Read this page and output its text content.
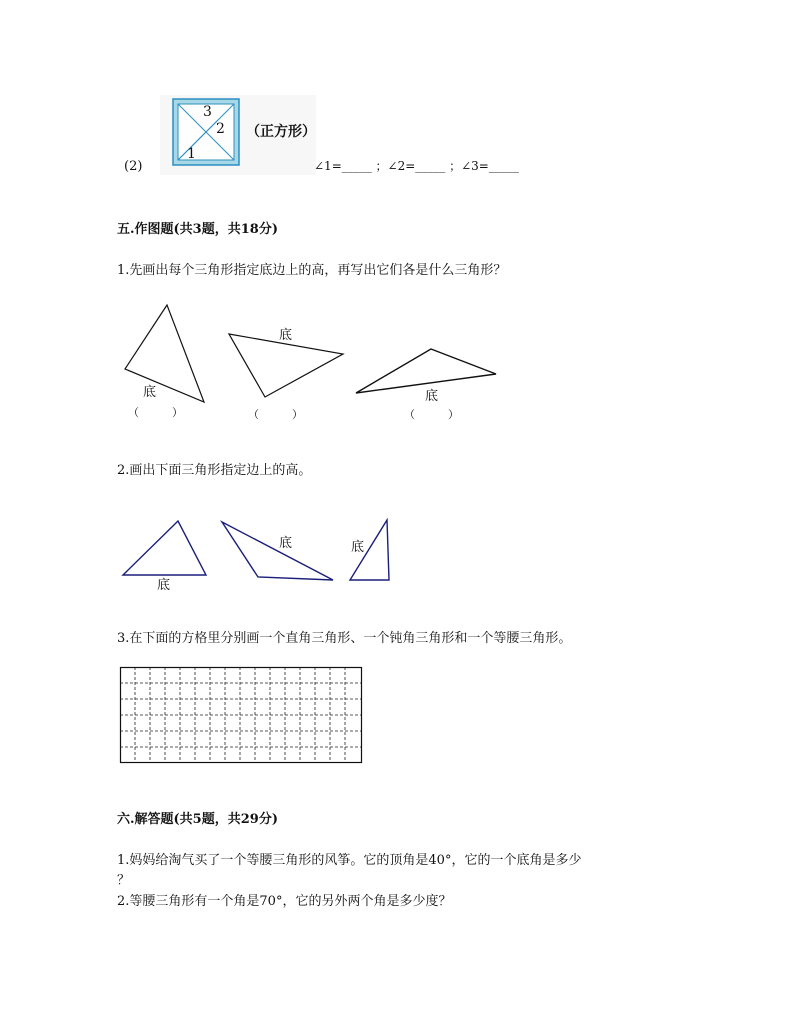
(2)
3
2
1
（正方形）
∠1=_____ ；∠2=_____ ；∠3=_____
五.作图题(共3题，共18分)
1.先画出每个三角形指定底边上的高，再写出它们各是什么三角形？
底
底
底
（　　　）	（　　　）	（　　　）
2.画出下面三角形指定边上的高。
底
底	底
3.在下面的方格里分别画一个直角三角形、一个钝角三角形和一个等腰三角形。
六.解答题(共5题，共29分)
1.妈妈给淘气买了一个等腰三角形的风筝。它的顶角是40°，它的一个底角是多少
？
2.等腰三角形有一个角是70°，它的另外两个角是多少度？
